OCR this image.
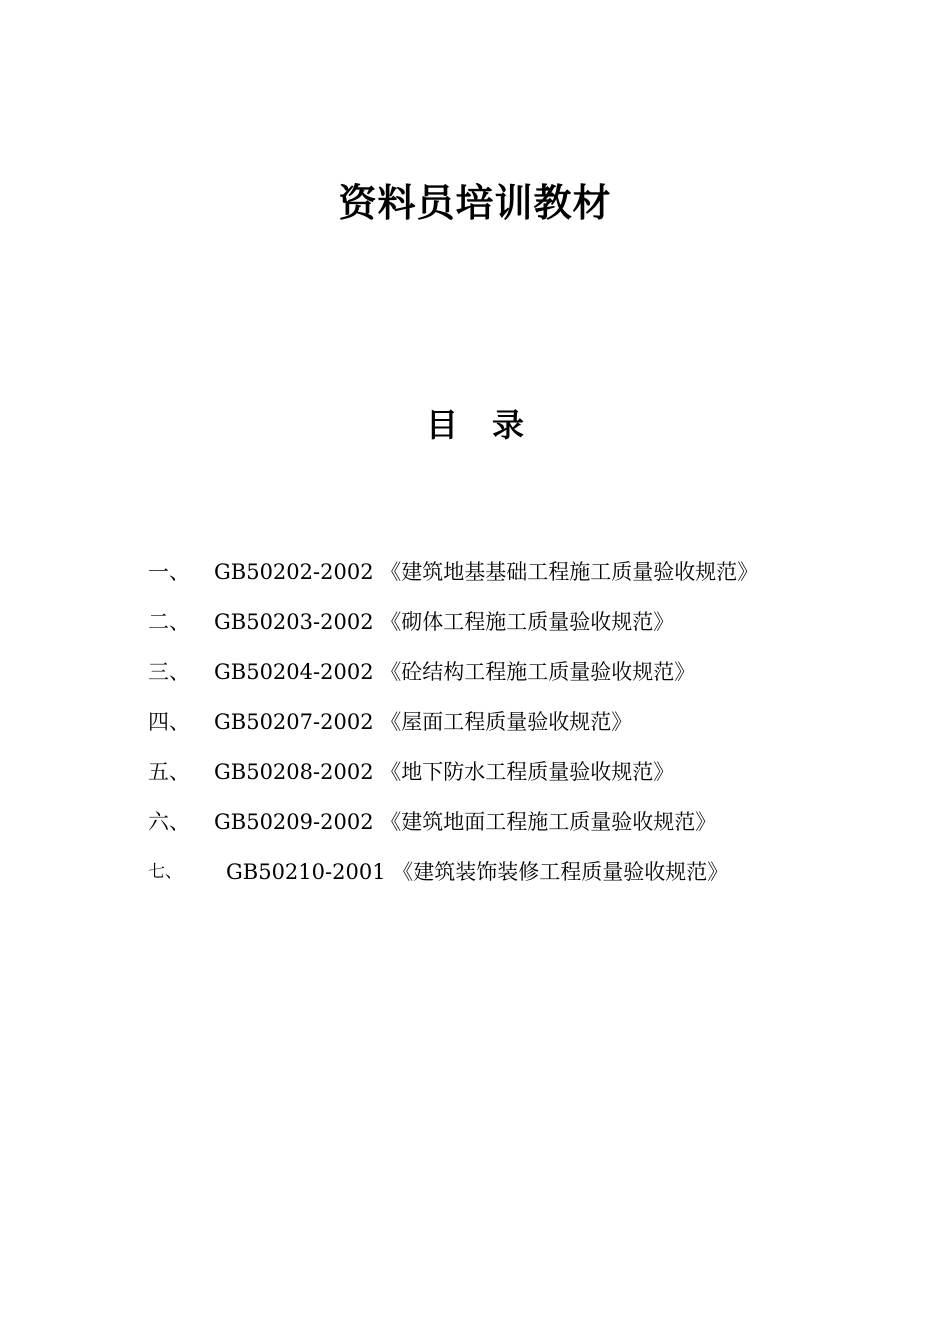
资料员培训教材
目 录
一、 GB50202-2002 《建筑地基基础工程施工质量验收规范》
二、 GB50203-2002 《砌体工程施工质量验收规范》
三、 GB50204-2002 《砼结构工程施工质量验收规范》
四、 GB50207-2002 《屋面工程质量验收规范》
五、 GB50208-2002 《地下防水工程质量验收规范》
六、 GB50209-2002 《建筑地面工程施工质量验收规范》
七、 GB50210-2001 《建筑装饰装修工程质量验收规范》
